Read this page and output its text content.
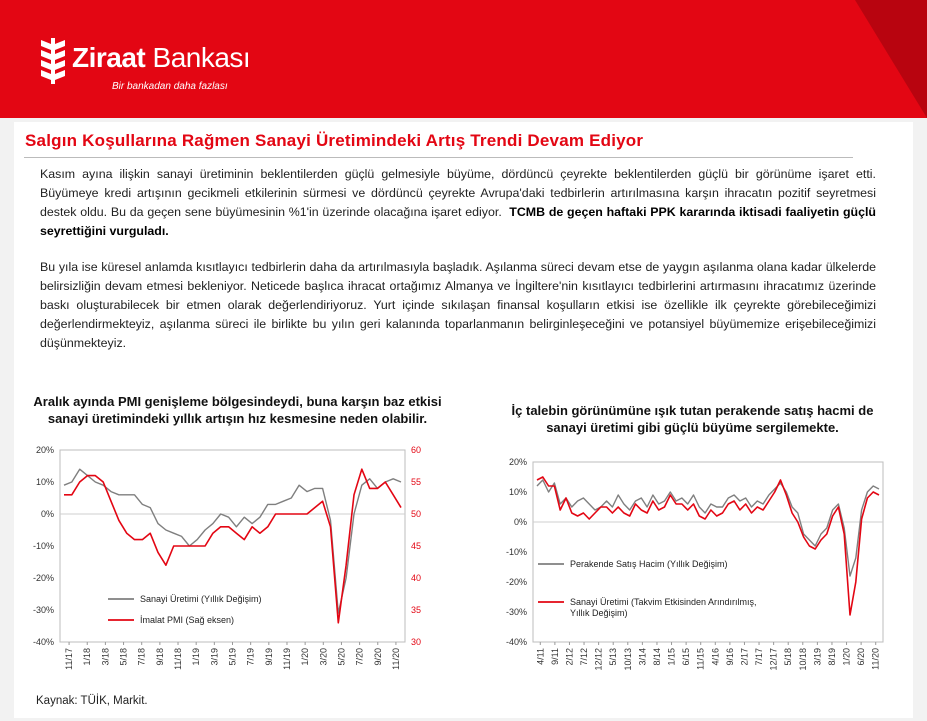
Ziraat Bankası
Bir bankadan daha fazlası
Salgın Koşullarına Rağmen Sanayi Üretimindeki Artış Trendi Devam Ediyor

Kasım ayına ilişkin sanayi üretiminin beklentilerden güçlü gelmesiyle büyüme, dördüncü çeyrekte beklentilerden güçlü bir görünüme işaret etti. Büyümeye kredi artışının gecikmeli etkilerinin sürmesi ve dördüncü çeyrekte Avrupa'daki tedbirlerin artırılmasına karşın ihracatın pozitif seyretmesi destek oldu. Bu da geçen sene büyümesinin %1'in üzerinde olacağına işaret ediyor. TCMB de geçen haftaki PPK kararında iktisadi faaliyetin güçlü seyrettiğini vurguladı.

Bu yıla ise küresel anlamda kısıtlayıcı tedbirlerin daha da artırılmasıyla başladık. Aşılanma süreci devam etse de yaygın aşılanma olana kadar ülkelerde belirsizliğin devam etmesi bekleniyor. Neticede başlıca ihracat ortağımız Almanya ve İngiltere'nin kısıtlayıcı tedbirlerini artırmasını ihracatımız üzerinde baskı oluşturabilecek bir etmen olarak değerlendiriyoruz. Yurt içinde sıkılaşan finansal koşulların etkisi ise özellikle ilk çeyrekte görebileceğimizi değerlendirmekteyiz, aşılanma süreci ile birlikte bu yılın geri kalanında toparlanmanın belirginleşeceğini ve potansiyel büyümemize erişebileceğimizi düşünmekteyiz.

Aralık ayında PMI genişleme bölgesindeydi, buna karşın baz etkisi sanayi üretimindeki yıllık artışın hız kesmesine neden olabilir.

İç talebin görünümüne ışık tutan perakende satış hacmi de sanayi üretimi gibi güçlü büyüme sergilemekte.

20%
10%
0%
-10%
-20%
-30%
-40%
60
55
50
45
40
35
30
11/17 1/18 3/18 5/18 7/18 9/18 11/18 1/19 3/19 5/19 7/19 9/19 11/19 1/20 3/20 5/20 7/20 9/20 11/20
Sanayi Üretimi (Yıllık Değişim)
İmalat PMI (Sağ eksen)
20%
10%
0%
-10%
-20%
-30%
-40%
4/11 9/11 2/12 7/12 12/12 5/13 10/13 3/14 8/14 1/15 6/15 11/15 4/16 9/16 2/17 7/17 12/17 5/18 10/18 3/19 8/19 1/20 6/20 11/20
Perakende Satış Hacim (Yıllık Değişim)
Sanayi Üretimi (Takvim Etkisinden Arındırılmış,
Yıllık Değişim)
Kaynak: TÜİK, Markit.
